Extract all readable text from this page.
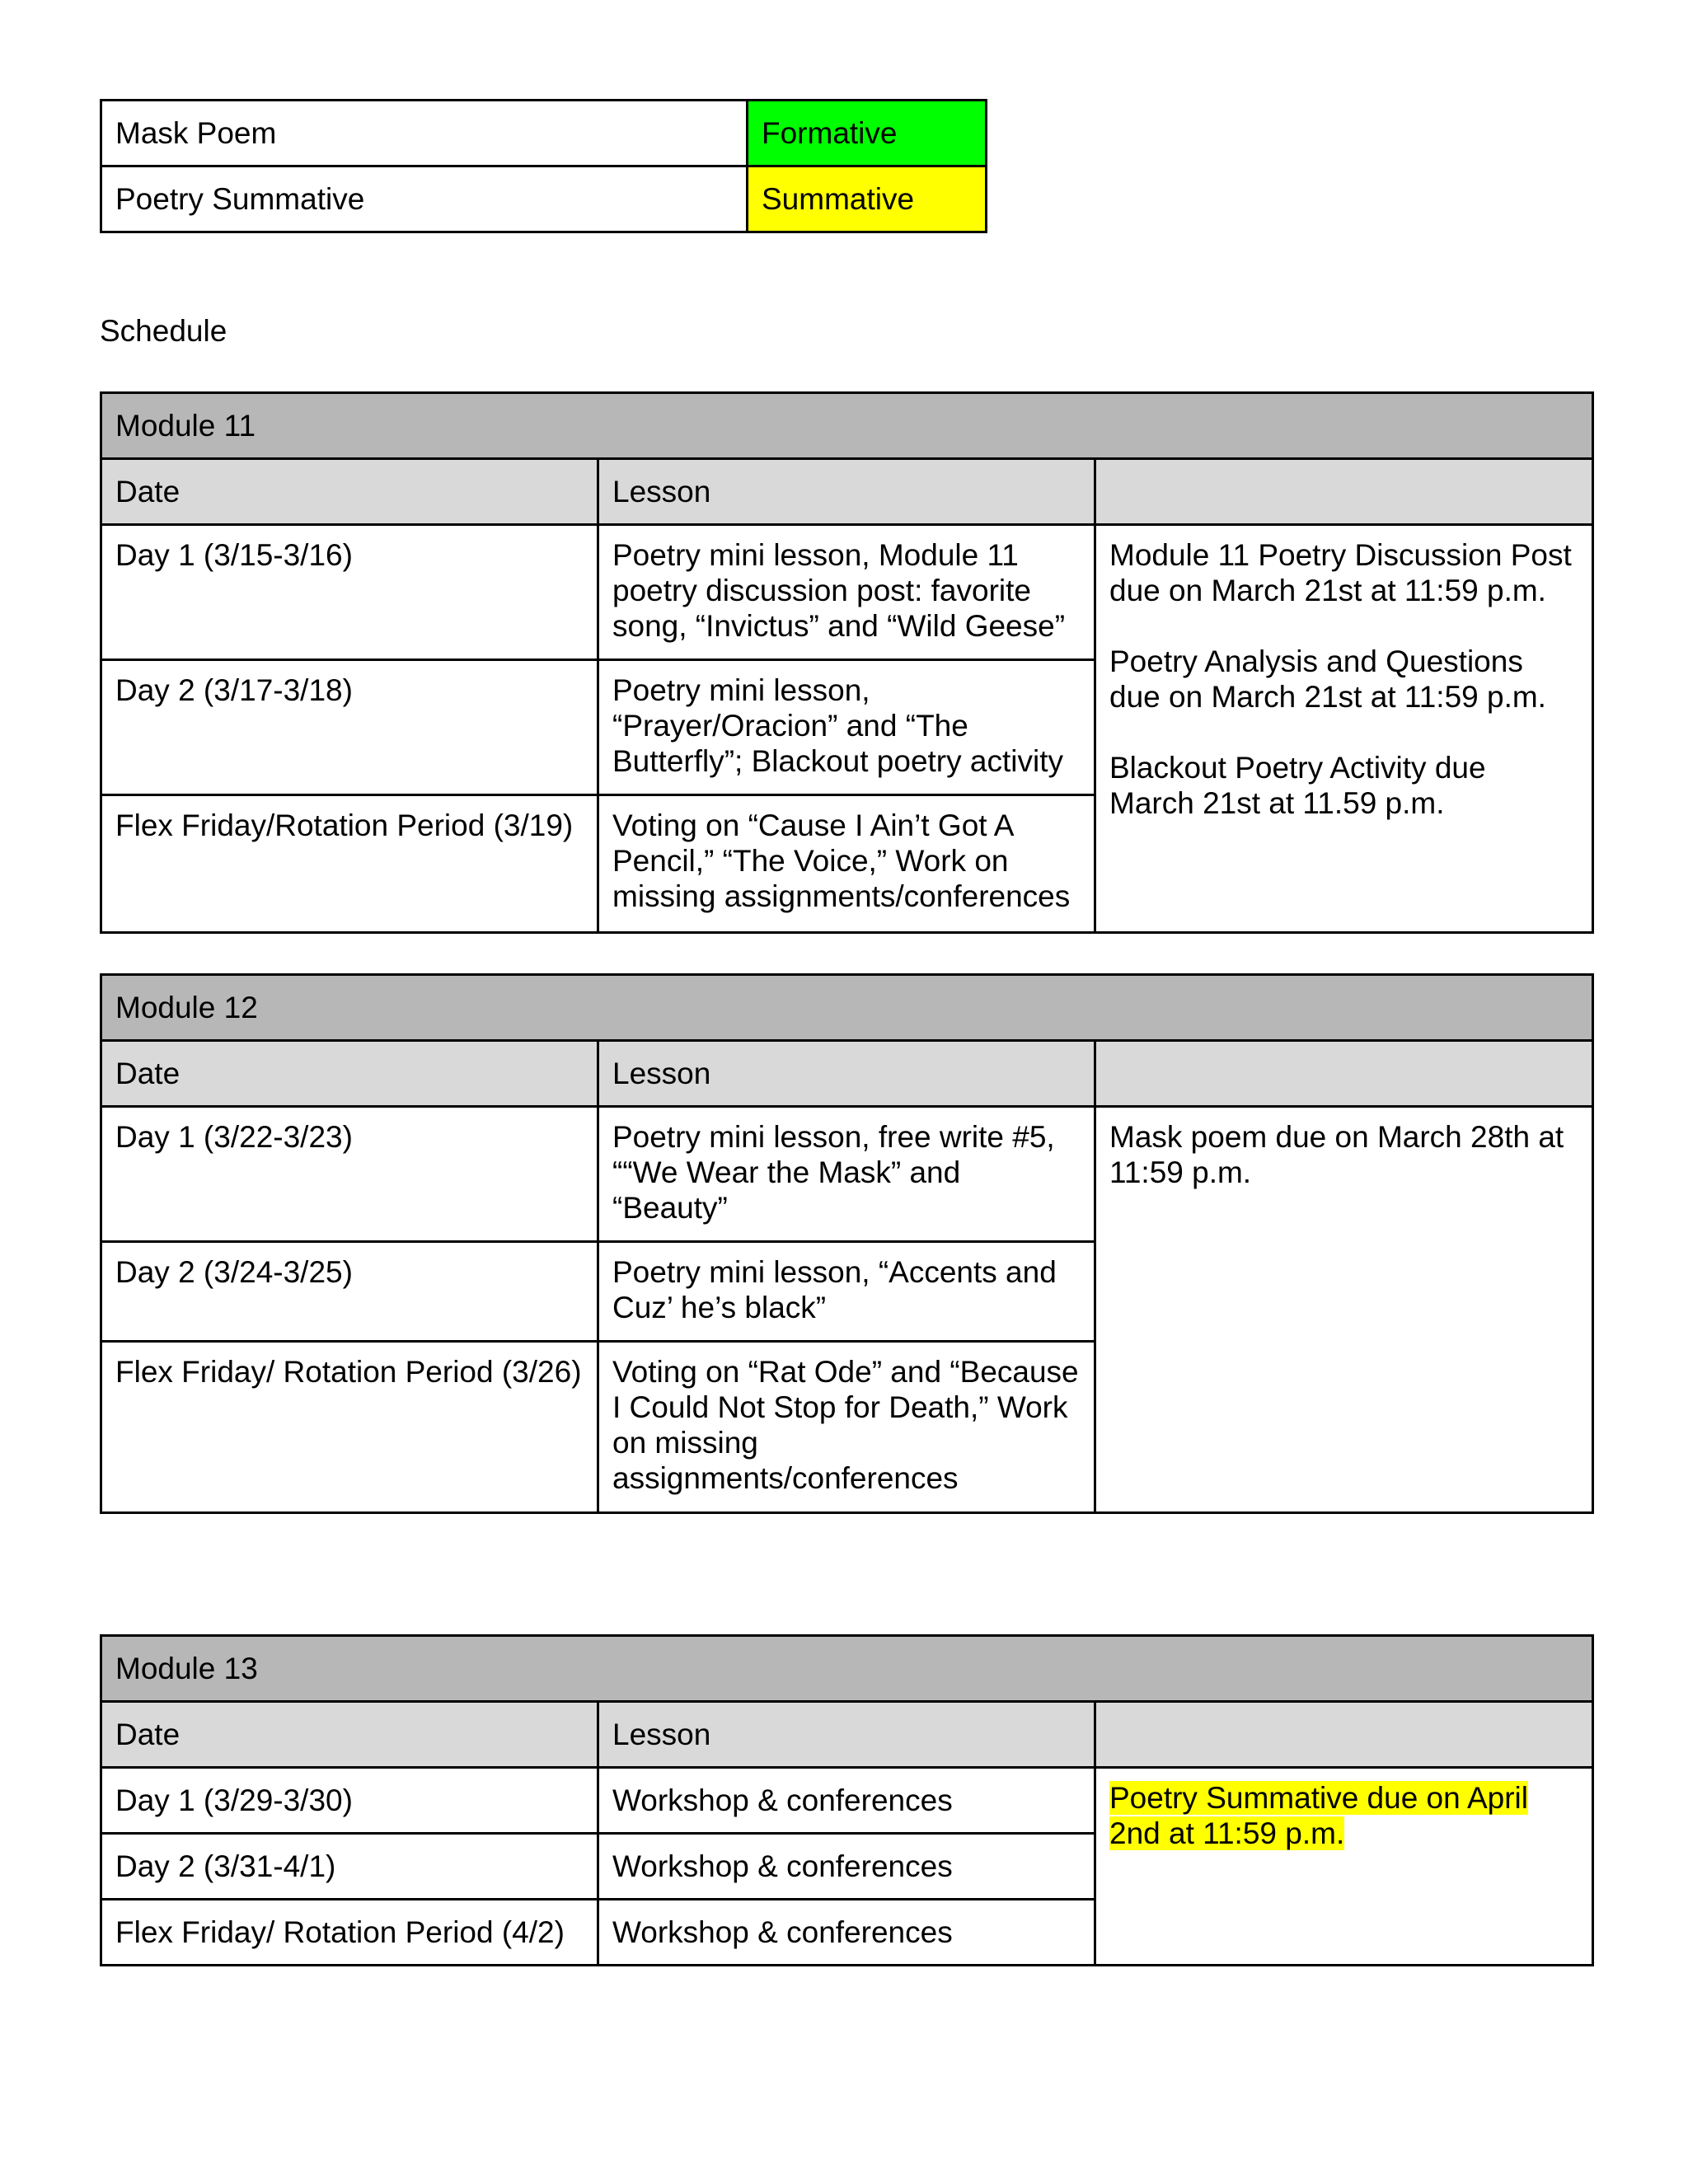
Mask Poem	Formative
Poetry Summative	Summative
Schedule
Module 11		
Date	Lesson	
Day 1 (3/15-3/16)	Poetry mini lesson, Module 11 poetry discussion post: favorite song, “Invictus” and “Wild Geese”	Module 11 Poetry Discussion Post due on March 21st at 11:59 p.m.
Poetry Analysis and Questions due on March 21st at 11:59 p.m.
Blackout Poetry Activity due March 21st at 11.59 p.m.

Day 2 (3/17-3/18)	Poetry mini lesson, “Prayer/Oracion” and “The Butterfly”; Blackout poetry activity	
Flex Friday/Rotation Period (3/19)	Voting on “Cause I Ain’t Got A Pencil,” “The Voice,” Work on missing assignments/conferences	
Module 12		
Date	Lesson	
Day 1 (3/22-3/23)	Poetry mini lesson, free write #5, ““We Wear the Mask” and “Beauty”	Mask poem due on March 28th at 11:59 p.m.

Day 2 (3/24-3/25)	Poetry mini lesson, “Accents and Cuz’ he’s black”	
Flex Friday/ Rotation Period (3/26)	Voting on “Rat Ode” and “Because I Could Not Stop for Death,” Work on missing assignments/conferences	
Module 13		
Date	Lesson	
Day 1 (3/29-3/30)	Workshop & conferences	Poetry Summative due on April 2nd at 11:59 p.m.
Day 2 (3/31-4/1)	Workshop & conferences	
Flex Friday/ Rotation Period (4/2)	Workshop & conferences	
